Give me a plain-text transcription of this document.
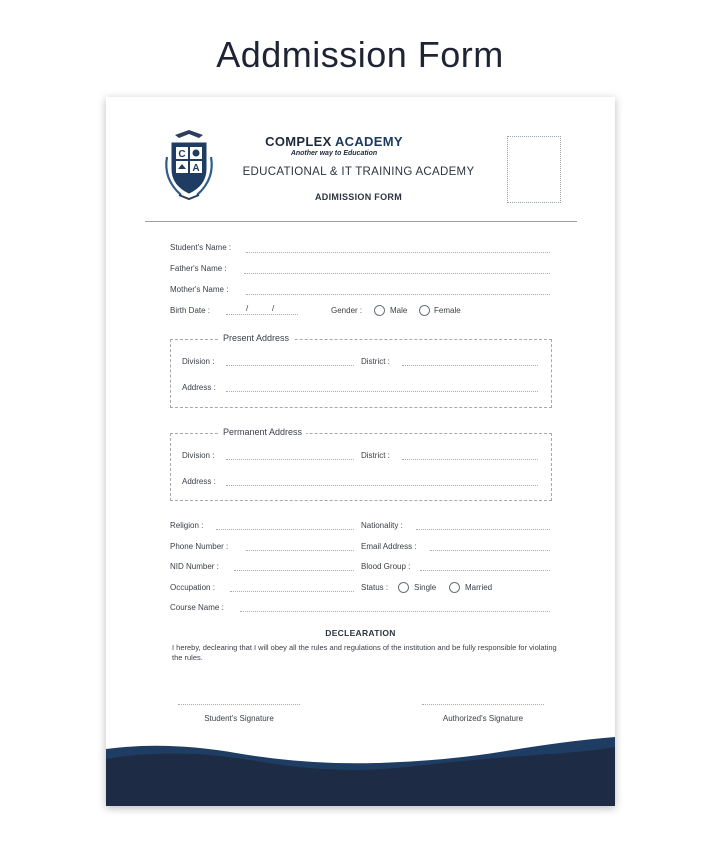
Addmission Form
C
A
COMPLEX ACADEMY
Another way to Education
EDUCATIONAL & IT TRAINING ACADEMY
ADIMISSION FORM
Student's Name :
Father's Name :
Mother's Name :
Birth Date :	/	/	Gender :	Male	Female
Present Address
Division :	District :
Address :
Permanent Address
Division :	District :
Address :
Religion :	Nationality :
Phone Number :	Email Address :
NID Number :	Blood Group :
Occupation :	Status :	Single	Married
Course Name :
DECLEARATION
I hereby, declearing that I will obey all the rules and regulations of the institution and be fully responsible for violating the rules.
Student's Signature	Authorized's Signature
